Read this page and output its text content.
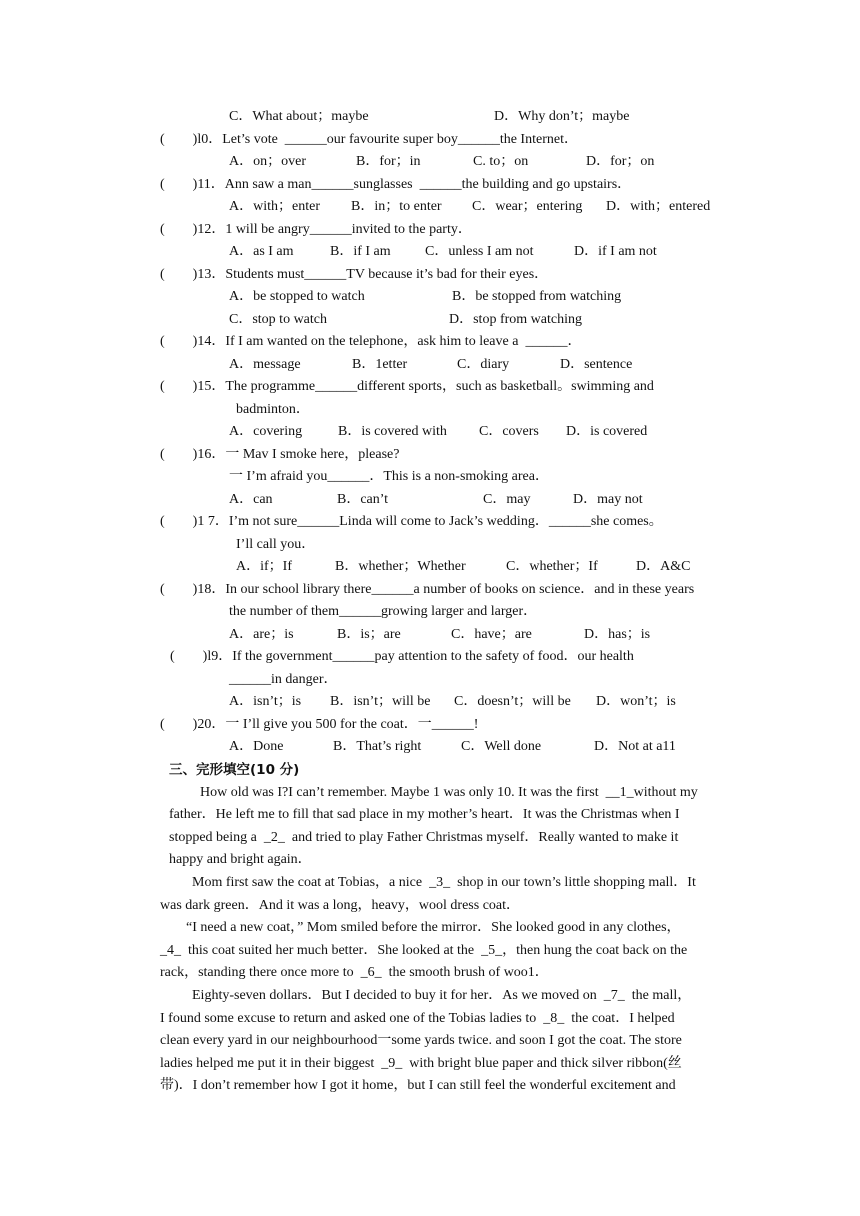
C．What about；maybe	D．Why don’t；maybe
(        )l0．Let’s vote  ______our favourite super boy______the Internet．
A．on；over	B．for；in	C. to；on	D．for；on
(        )11．Ann saw a man______sunglasses  ______the building and go upstairs．
A．with；enter B．in；to enter C．wear；entering D．with；entered
(        )12．1 will be angry______invited to the party．
A．as I am	B．if I am C．unless I am not	D．if I am not
(        )13．Students must______TV because it’s bad for their eyes．
A．be stopped to watch	B．be stopped from watching
C．stop to watch	D．stop from watching
(        )14．If I am wanted on the telephone，ask him to leave a  ______．
A．message	B．1etter	C．diary	D．sentence
(        )15．The programme______different sports，such as basketball。swimming and
badminton．
A．covering	B．is covered with C．covers D．is covered
(        )16．一 Mav I smoke here，please?
一 I’m afraid you______．This is a non-smoking area．
A．can	B．can’t	C．may	D．may not
(        )1 7．I’m not sure______Linda will come to Jack’s wedding．______she comes。
I’ll call you．
A．if；If	B．whether；Whether	C．whether；If	D．A&C
(        )18．In our school library there______a number of books on science．and in these years
the number of them______growing larger and larger．
A．are；is	B．is；are	C．have；are	D．has；is
(        )l9．If the government______pay attention to the safety of food．our health
______in danger．
A．isn’t；is B．isn’t；will be C．doesn’t；will be D．won’t；is
(        )20．一 I’ll give you 500 for the coat．一______!
A．Done	B．That’s right	C．Well done	D．Not at a11
三、完形填空(10 分)
How old was I?I can’t remember. Maybe 1 was only 10. It was the first  __1_without my
father．He left me to fill that sad place in my mother’s heart．It was the Christmas when I
stopped being a  _2_  and tried to play Father Christmas myself．Really wanted to make it
happy and bright again．
Mom first saw the coat at Tobias，a nice  _3_  shop in our town’s little shopping mall．It
was dark green．And it was a long，heavy，wool dress coat．
“I need a new coat，” Mom smiled before the mirror．She looked good in any clothes，
_4_  this coat suited her much better．She looked at the  _5_，then hung the coat back on the
rack，standing there once more to  _6_  the smooth brush of woo1．
Eighty-seven dollars．But I decided to buy it for her．As we moved on  _7_  the mall，
I found some excuse to return and asked one of the Tobias ladies to  _8_  the coat．I helped
clean every yard in our neighbourhood一some yards twice. and soon I got the coat. The store
ladies helped me put it in their biggest  _9_  with bright blue paper and thick silver ribbon(丝
带)．I don’t remember how I got it home，but I can still feel the wonderful excitement and
